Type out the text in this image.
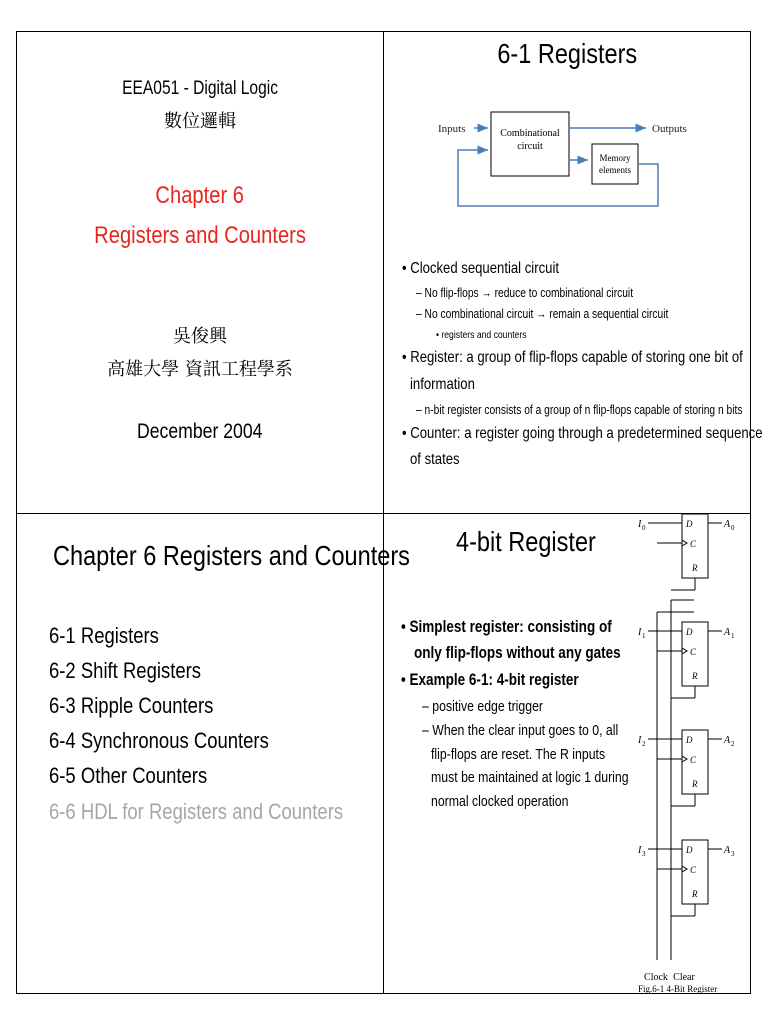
EEA051 - Digital Logic
數位邏輯
Chapter 6
Registers and Counters
吳俊興
高雄大學 資訊工程學系
December 2004
6-1 Registers
Inputs	Combinational
circuit
Outputs
Memory
elements
• Clocked sequential circuit
– No flip-flops → reduce to combinational circuit
– No combinational circuit → remain a sequential circuit
• registers and counters
• Register: a group of flip-flops capable of storing one bit of
information
– n-bit register consists of a group of n flip-flops capable of storing n bits
• Counter: a register going through a predetermined sequence
of states
Chapter 6 Registers and Counters
6-1 Registers
6-2 Shift Registers
6-3 Ripple Counters
6-4 Synchronous Counters
6-5 Other Counters
6-6 HDL for Registers and Counters
4-bit Register
• Simplest register: consisting of
only flip-flops without any gates
• Example 6-1: 4-bit register
– positive edge trigger
– When the clear input goes to 0, all
flip-flops are reset. The R inputs
must be maintained at logic 1 during
normal clocked operation
Clock Clear
D
C
R
I 0	A 0
D
C
R
I 1	A 1
D
C
R
I 2	A 2
D
C
R
I 3	A 3
Fig.6-1 4-Bit Register
